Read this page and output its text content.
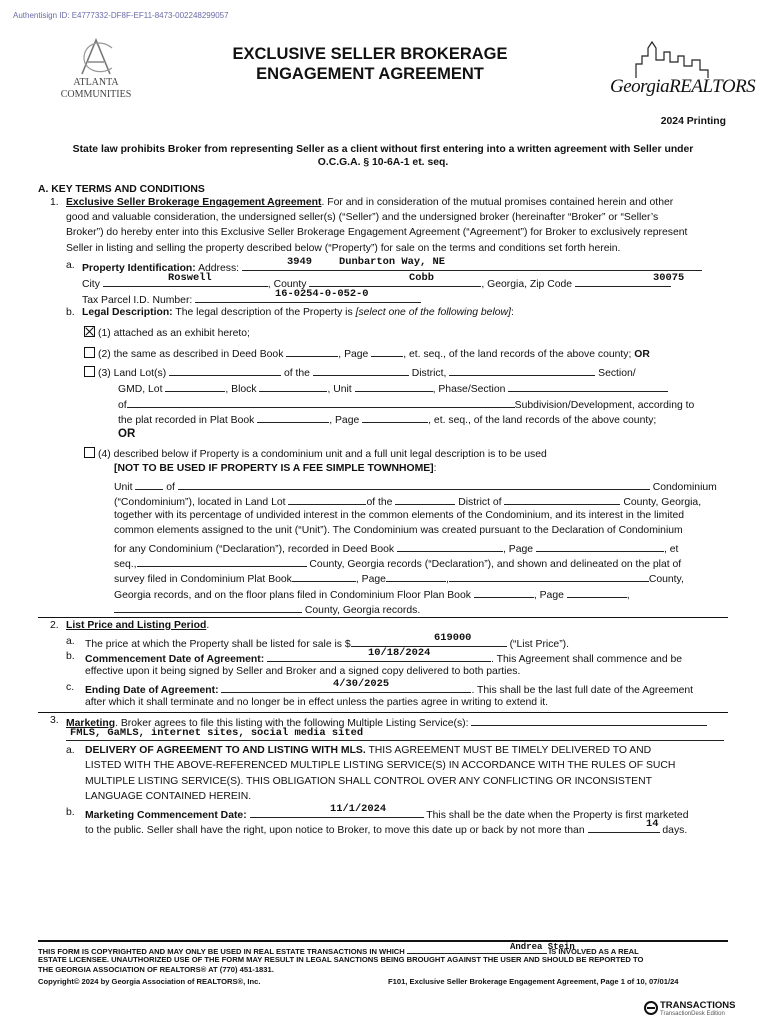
Authentisign ID: E4777332-DF8F-EF11-8473-002248299057
ATLANTA
COMMUNITIES
EXCLUSIVE SELLER BROKERAGE
ENGAGEMENT AGREEMENT
GeorgiaREALTORS
2024 Printing
State law prohibits Broker from representing Seller as a client without first entering into a written agreement with Seller under
O.C.G.A. § 10-6A-1 et. seq.
A. KEY TERMS AND CONDITIONS
1. Exclusive Seller Brokerage Engagement Agreement. For and in consideration of the mutual promises contained herein and other
good and valuable consideration, the undersigned seller(s) (“Seller”) and the undersigned broker (hereinafter “Broker” or “Seller’s
Broker”) do hereby enter into this Exclusive Seller Brokerage Engagement Agreement (“Agreement”) for Broker to exclusively represent
Seller in listing and selling the property described below (“Property”) for sale on the terms and conditions set forth herein.
a. Property Identification: Address:
3949	Dunbarton Way, NE
City	, County	, Georgia, Zip Code
Roswell	Cobb	30075
Tax Parcel I.D. Number:
16-0254-0-052-0
b. Legal Description: The legal description of the Property is [select one of the following below]:
(1) attached as an exhibit hereto;
(2) the same as described in Deed Book	, Page	, et. seq., of the land records of the above county; OR
(3) Land Lot(s)	of the	District,	Section/
GMD, Lot	, Block	, Unit	, Phase/Section
of	Subdivision/Development, according to
the plat recorded in Plat Book	, Page	, et. seq., of the land records of the above county;
OR
(4) described below if Property is a condominium unit and a full unit legal description is to be used
[NOT TO BE USED IF PROPERTY IS A FEE SIMPLE TOWNHOME]:
Unit	of	Condominium
(“Condominium”), located in Land Lot	of the	District of	County, Georgia,
together with its percentage of undivided interest in the common elements of the Condominium, and its interest in the limited
common elements assigned to the unit (“Unit”). The Condominium was created pursuant to the Declaration of Condominium
for any Condominium (“Declaration”), recorded in Deed Book	, Page	, et
seq.,	County, Georgia records (“Declaration”), and shown and delineated on the plat of
survey filed in Condominium Plat Book	, Page	,	County,
Georgia records, and on the floor plans filed in Condominium Floor Plan Book	, Page	,
County, Georgia records.
2. List Price and Listing Period.
a. The price at which the Property shall be listed for sale is $	(“List Price”).
619000
b. Commencement Date of Agreement:	. This Agreement shall commence and be
10/18/2024
effective upon it being signed by Seller and Broker and a signed copy delivered to both parties.
c. Ending Date of Agreement:	. This shall be the last full date of the Agreement
4/30/2025
after which it shall terminate and no longer be in effect unless the parties agree in writing to extend it.
3. Marketing. Broker agrees to file this listing with the following Multiple Listing Service(s):
FMLS, GaMLS, internet sites, social media sited
a. DELIVERY OF AGREEMENT TO AND LISTING WITH MLS. THIS AGREEMENT MUST BE TIMELY DELIVERED TO AND
LISTED WITH THE ABOVE-REFERENCED MULTIPLE LISTING SERVICE(S) IN ACCORDANCE WITH THE RULES OF SUCH
MULTIPLE LISTING SERVICE(S). THIS OBLIGATION SHALL CONTROL OVER ANY CONFLICTING OR INCONSISTENT
LANGUAGE CONTAINED HEREIN.
b. Marketing Commencement Date:	This shall be the date when the Property is first marketed
11/1/2024
to the public. Seller shall have the right, upon notice to Broker, to move this date up or back by not more than	days.
14
THIS FORM IS COPYRIGHTED AND MAY ONLY BE USED IN REAL ESTATE TRANSACTIONS IN WHICH	IS INVOLVED AS A REAL
Andrea Stein
ESTATE LICENSEE. UNAUTHORIZED USE OF THE FORM MAY RESULT IN LEGAL SANCTIONS BEING BROUGHT AGAINST THE USER AND SHOULD BE REPORTED TO
THE GEORGIA ASSOCIATION OF REALTORS® AT (770) 451-1831.
Copyright© 2024 by Georgia Association of REALTORS®, Inc.	F101, Exclusive Seller Brokerage Engagement Agreement, Page 1 of 10, 07/01/24
TRANSACTIONS
TransactionDesk Edition
